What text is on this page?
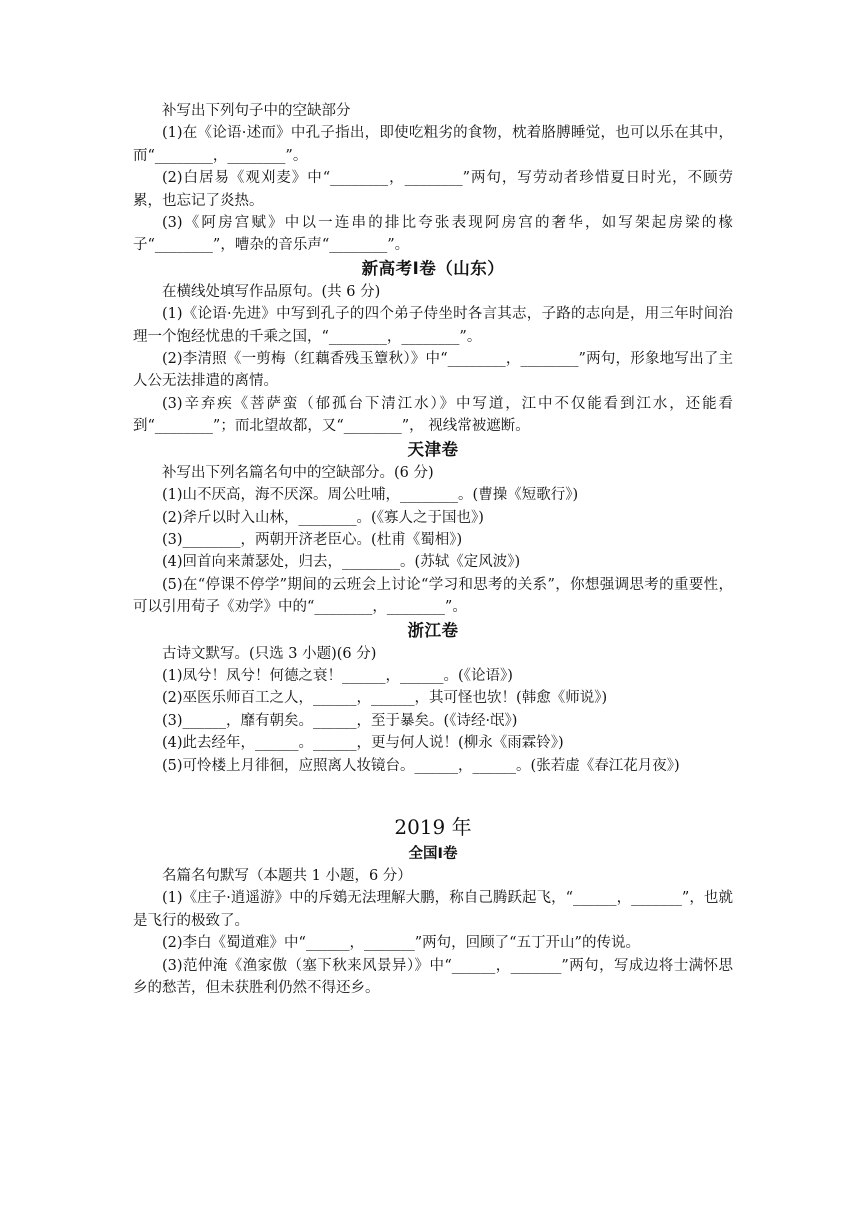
补写出下列句子中的空缺部分

(1)在《论语·述而》中孔子指出，即使吃粗劣的食物，枕着胳膊睡觉，也可以乐在其中，而“________，________”。

(2)白居易《观刈麦》中“________，________”两句，写劳动者珍惜夏日时光，不顾劳累，也忘记了炎热。

(3)《阿房宫赋》中以一连串的排比夸张表现阿房宫的奢华，如写架起房梁的椽子“________”，嘈杂的音乐声“________”。

新高考Ⅰ卷（山东）

在横线处填写作品原句。(共 6 分)

(1)《论语·先进》中写到孔子的四个弟子侍坐时各言其志，子路的志向是，用三年时间治理一个饱经忧患的千乘之国，“________，________”。

(2)李清照《一剪梅（红藕香残玉簟秋）》中“________，________”两句，形象地写出了主人公无法排遣的离情。

(3)辛弃疾《菩萨蛮（郁孤台下清江水）》中写道，江中不仅能看到江水，还能看到“________”；而北望故都，又“________”， 视线常被遮断。

天津卷

补写出下列名篇名句中的空缺部分。(6 分)

(1)山不厌高，海不厌深。周公吐哺，________。(曹操《短歌行》)

(2)斧斤以时入山林，________。(《寡人之于国也》)

(3)________，两朝开济老臣心。(杜甫《蜀相》)

(4)回首向来萧瑟处，归去，________。(苏轼《定风波》)

(5)在“停课不停学”期间的云班会上讨论“学习和思考的关系”，你想强调思考的重要性，可以引用荀子《劝学》中的“________，________”。

浙江卷

古诗文默写。(只选 3 小题)(6 分)

(1)凤兮！凤兮！何德之衰！______，______。(《论语》)

(2)巫医乐师百工之人，______，______，其可怪也欤！(韩愈《师说》)

(3)______，靡有朝矣。______，至于暴矣。(《诗经·氓》)

(4)此去经年，______。______，更与何人说！(柳永《雨霖铃》)

(5)可怜楼上月徘徊，应照离人妆镜台。______，______。(张若虚《春江花月夜》)

2019 年
全国Ⅰ卷

名篇名句默写（本题共 1 小题，6 分）

(1)《庄子·逍遥游》中的斥鴳无法理解大鹏，称自己腾跃起飞，“______，_______”，也就是飞行的极致了。

(2)李白《蜀道难》中“______，_______”两句，回顾了“五丁开山”的传说。

(3)范仲淹《渔家傲（塞下秋来风景异）》中“______，_______”两句，写成边将士满怀思乡的愁苦，但未获胜利仍然不得还乡。
